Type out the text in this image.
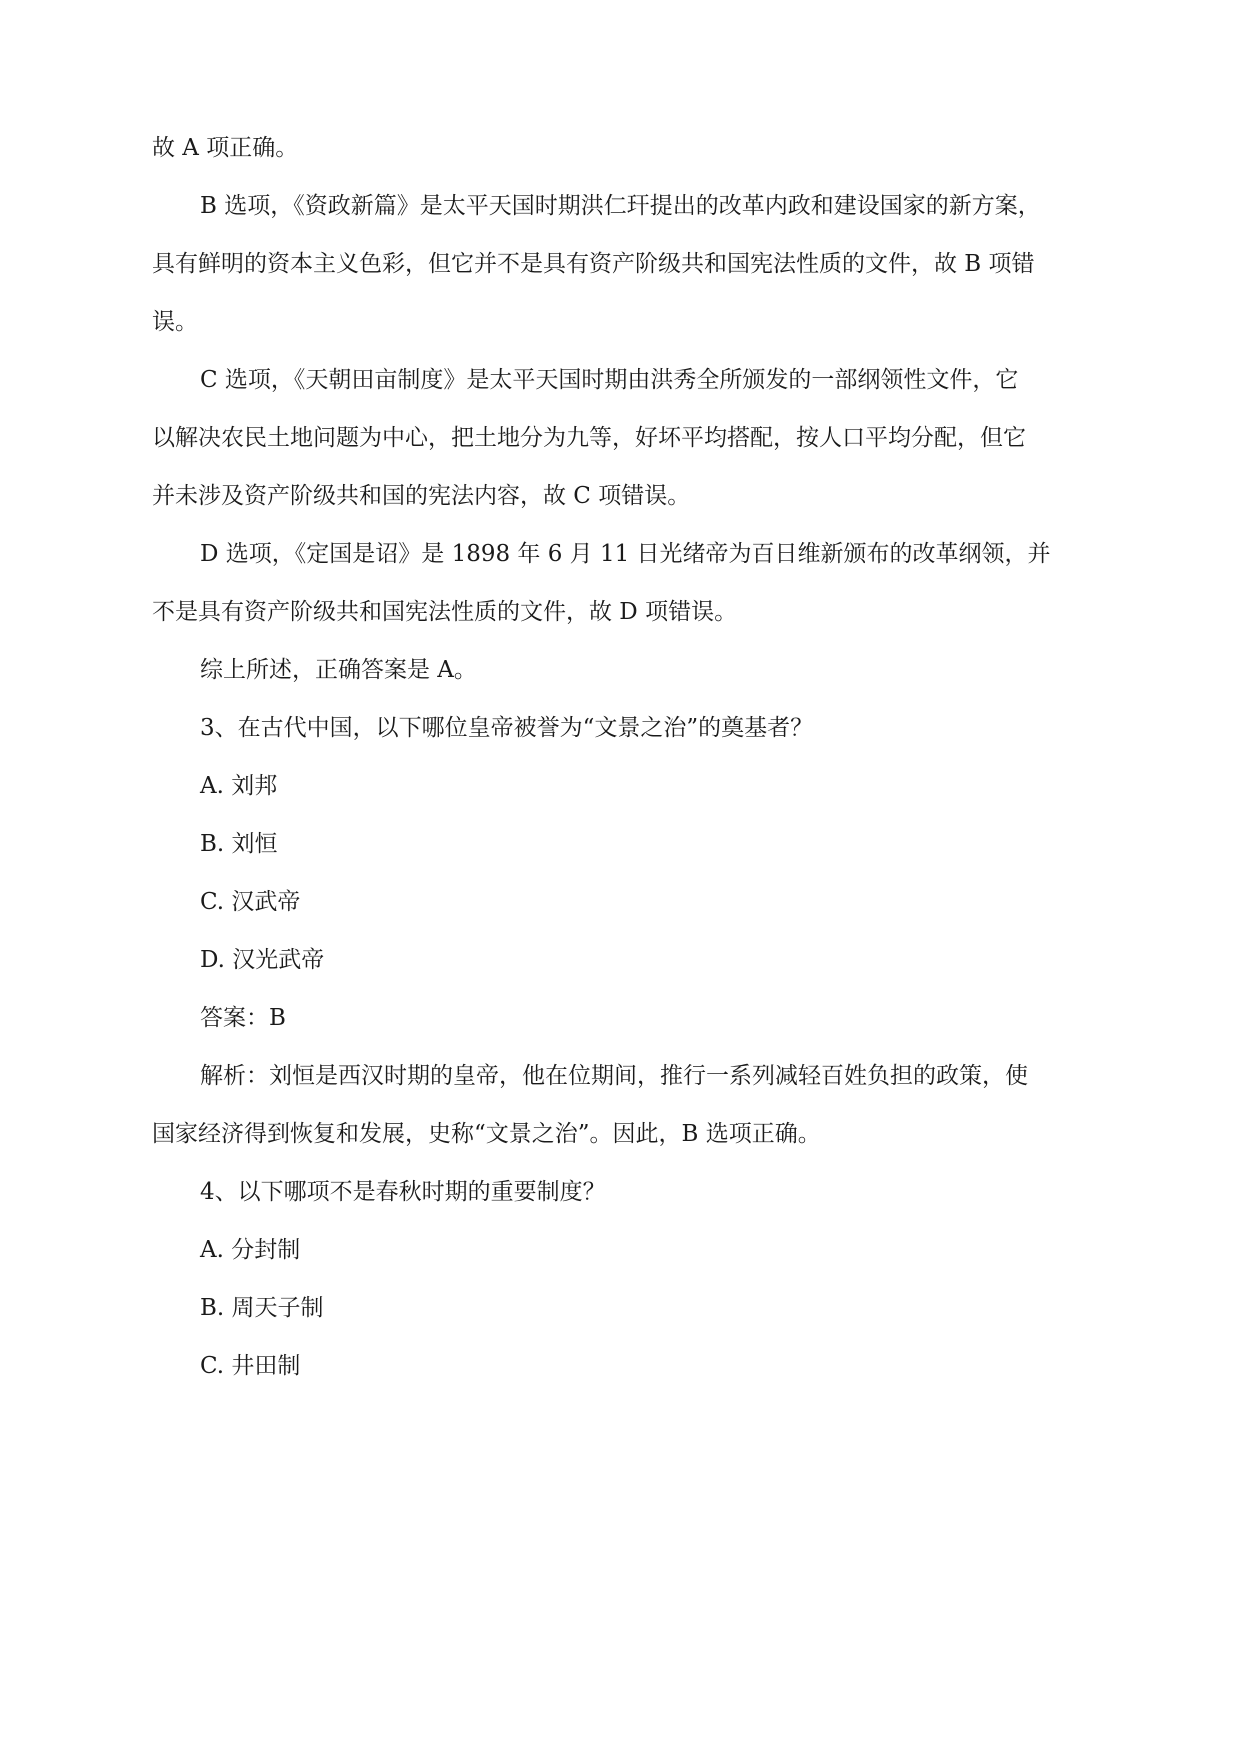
故 A 项正确。
B 选项，《资政新篇》是太平天国时期洪仁玕提出的改革内政和建设国家的新方案，
具有鲜明的资本主义色彩，但它并不是具有资产阶级共和国宪法性质的文件，故 B 项错
误。
C 选项，《天朝田亩制度》是太平天国时期由洪秀全所颁发的一部纲领性文件，它
以解决农民土地问题为中心，把土地分为九等，好坏平均搭配，按人口平均分配，但它
并未涉及资产阶级共和国的宪法内容，故 C 项错误。
D 选项，《定国是诏》是 1898 年 6 月 11 日光绪帝为百日维新颁布的改革纲领，并
不是具有资产阶级共和国宪法性质的文件，故 D 项错误。
综上所述，正确答案是 A。
3、在古代中国，以下哪位皇帝被誉为“文景之治”的奠基者？
A. 刘邦
B. 刘恒
C. 汉武帝
D. 汉光武帝
答案：B
解析：刘恒是西汉时期的皇帝，他在位期间，推行一系列减轻百姓负担的政策，使
国家经济得到恢复和发展，史称“文景之治”。因此，B 选项正确。
4、以下哪项不是春秋时期的重要制度？
A. 分封制
B. 周天子制
C. 井田制
